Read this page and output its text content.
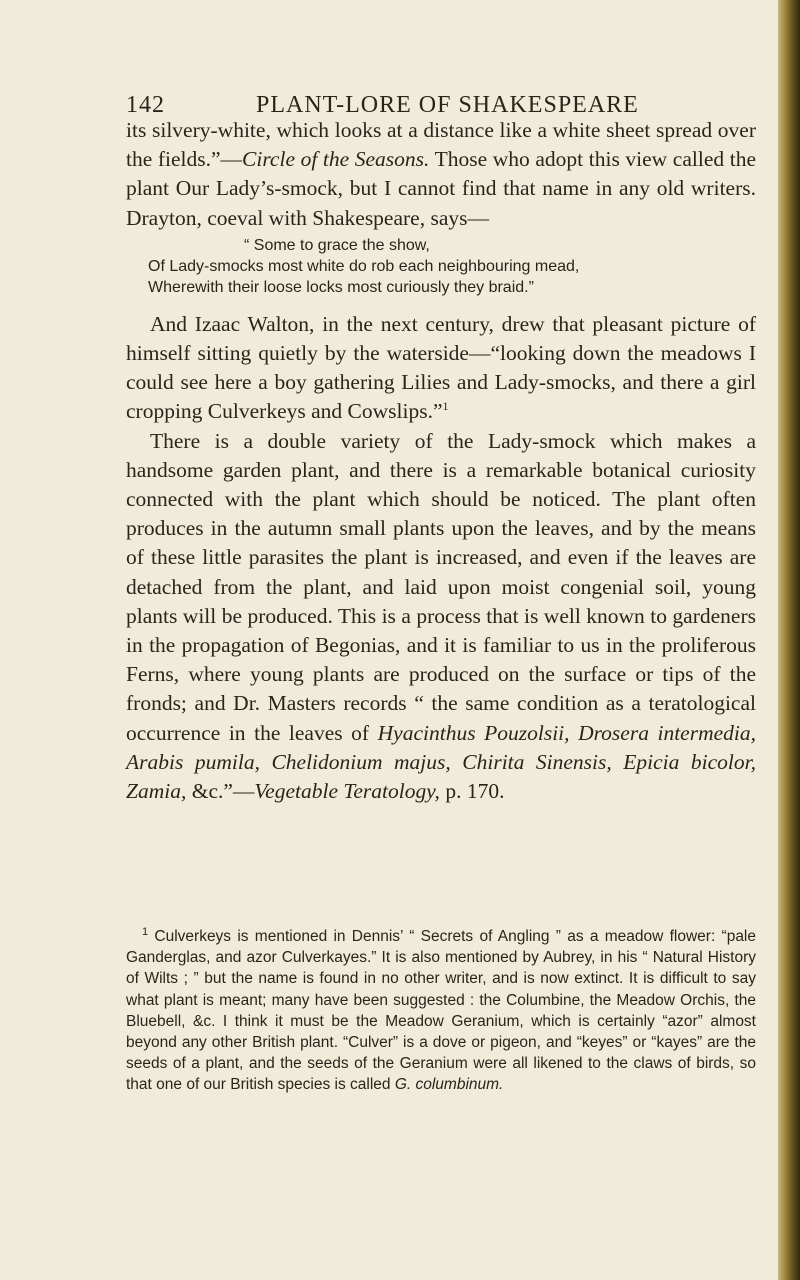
142	PLANT-LORE OF SHAKESPEARE

its silvery-white, which looks at a distance like a white sheet spread over the fields.”—Circle of the Seasons. Those who adopt this view called the plant Our Lady’s-smock, but I cannot find that name in any old writers. Drayton, coeval with Shakespeare, says—

“ Some to grace the show,
Of Lady-smocks most white do rob each neighbouring mead,
Wherewith their loose locks most curiously they braid.”

And Izaac Walton, in the next century, drew that pleasant picture of himself sitting quietly by the waterside—“looking down the meadows I could see here a boy gathering Lilies and Lady-smocks, and there a girl cropping Culverkeys and Cowslips.”$^1$

There is a double variety of the Lady-smock which makes a handsome garden plant, and there is a remarkable botanical curiosity connected with the plant which should be noticed. The plant often produces in the autumn small plants upon the leaves, and by the means of these little parasites the plant is increased, and even if the leaves are detached from the plant, and laid upon moist congenial soil, young plants will be produced. This is a process that is well known to gardeners in the propagation of Begonias, and it is familiar to us in the proliferous Ferns, where young plants are produced on the surface or tips of the fronds; and Dr. Masters records “ the same condition as a teratological occurrence in the leaves of Hyacinthus Pouzolsii, Drosera intermedia, Arabis pumila, Chelidonium majus, Chirita Sinensis, Epicia bicolor, Zamia, &c.”—Vegetable Teratology, p. 170.

$^1$ Culverkeys is mentioned in Dennis’ “ Secrets of Angling ” as a meadow flower: “pale Ganderglas, and azor Culverkayes.” It is also mentioned by Aubrey, in his “ Natural History of Wilts ; ” but the name is found in no other writer, and is now extinct. It is difficult to say what plant is meant; many have been suggested : the Columbine, the Meadow Orchis, the Bluebell, &c. I think it must be the Meadow Geranium, which is certainly “azor” almost beyond any other British plant. “Culver” is a dove or pigeon, and “keyes” or “kayes” are the seeds of a plant, and the seeds of the Geranium were all likened to the claws of birds, so that one of our British species is called G. columbinum.
